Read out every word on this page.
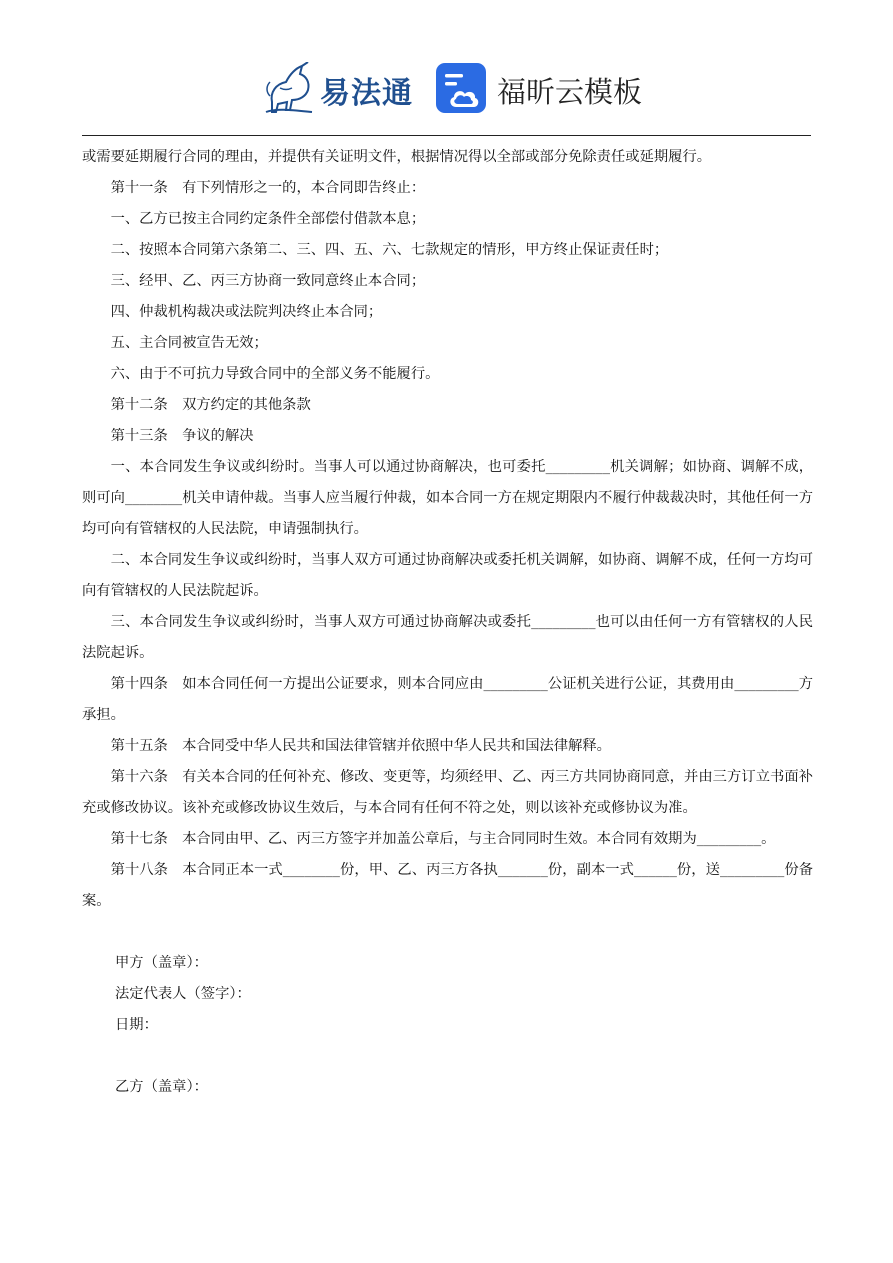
易法通	福昕云模板

或需要延期履行合同的理由，并提供有关证明文件，根据情况得以全部或部分免除责任或延期履行。

第十一条　有下列情形之一的，本合同即告终止：

一、乙方已按主合同约定条件全部偿付借款本息；

二、按照本合同第六条第二、三、四、五、六、七款规定的情形，甲方终止保证责任时；

三、经甲、乙、丙三方协商一致同意终止本合同；

四、仲裁机构裁决或法院判决终止本合同；

五、主合同被宣告无效；

六、由于不可抗力导致合同中的全部义务不能履行。

第十二条　双方约定的其他条款

第十三条　争议的解决

一、本合同发生争议或纠纷时。当事人可以通过协商解决，也可委托_________机关调解；如协商、调解不成，则可向________机关申请仲裁。当事人应当履行仲裁，如本合同一方在规定期限内不履行仲裁裁决时，其他任何一方均可向有管辖权的人民法院，申请强制执行。

二、本合同发生争议或纠纷时，当事人双方可通过协商解决或委托机关调解，如协商、调解不成，任何一方均可向有管辖权的人民法院起诉。

三、本合同发生争议或纠纷时，当事人双方可通过协商解决或委托_________也可以由任何一方有管辖权的人民法院起诉。

第十四条　如本合同任何一方提出公证要求，则本合同应由_________公证机关进行公证，其费用由_________方承担。

第十五条　本合同受中华人民共和国法律管辖并依照中华人民共和国法律解释。

第十六条　有关本合同的任何补充、修改、变更等，均须经甲、乙、丙三方共同协商同意，并由三方订立书面补充或修改协议。该补充或修改协议生效后，与本合同有任何不符之处，则以该补充或修协议为准。

第十七条　本合同由甲、乙、丙三方签字并加盖公章后，与主合同同时生效。本合同有效期为_________。

第十八条　本合同正本一式________份，甲、乙、丙三方各执_______份，副本一式______份，送_________份备案。

甲方（盖章）：

法定代表人（签字）：

日期：

乙方（盖章）：
